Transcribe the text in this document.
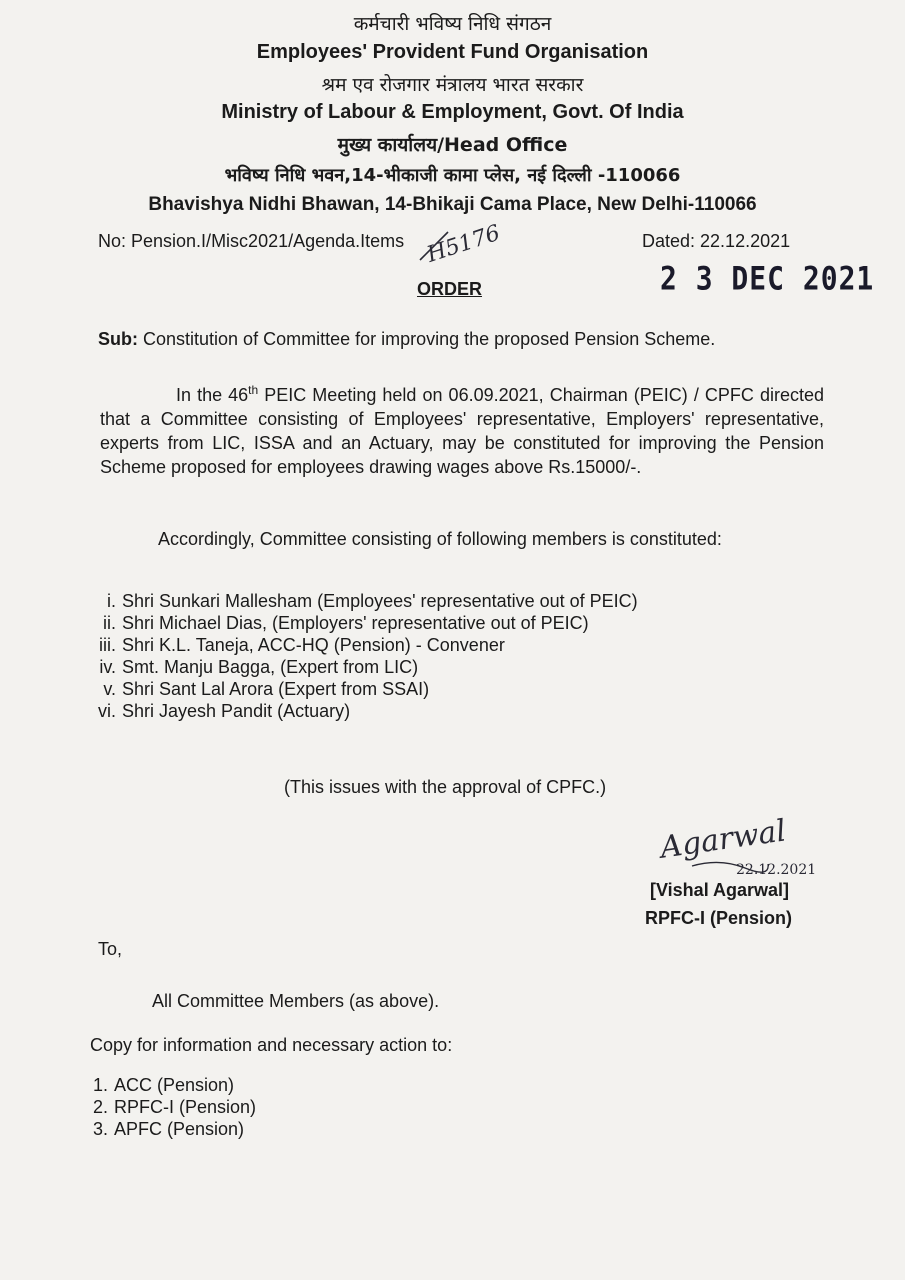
कर्मचारी भविष्य निधि संगठन
Employees' Provident Fund Organisation
श्रम एव रोजगार मंत्रालय भारत सरकार
Ministry of Labour & Employment, Govt. Of India
मुख्य कार्यालय/Head Office
भविष्य निधि भवन,14-भीकाजी कामा प्लेस, नई दिल्ली -110066
Bhavishya Nidhi Bhawan, 14-Bhikaji Cama Place, New Delhi-110066
No: Pension.I/Misc2021/Agenda.Items	Dated: 22.12.2021
H5176
2 3 DEC 2021
ORDER
Sub: Constitution of Committee for improving the proposed Pension Scheme.
In the 46th PEIC Meeting held on 06.09.2021, Chairman (PEIC) / CPFC directed that a Committee consisting of Employees' representative, Employers' representative, experts from LIC, ISSA and an Actuary, may be constituted for improving the Pension Scheme proposed for employees drawing wages above Rs.15000/-.
Accordingly, Committee consisting of following members is constituted:
i. Shri Sunkari Mallesham (Employees' representative out of PEIC)
ii. Shri Michael Dias, (Employers' representative out of PEIC)
iii. Shri K.L. Taneja, ACC-HQ (Pension) - Convener
iv. Smt. Manju Bagga, (Expert from LIC)
v. Shri Sant Lal Arora (Expert from SSAI)
vi. Shri Jayesh Pandit (Actuary)
(This issues with the approval of CPFC.)
Agarwal
22.12.2021
[Vishal Agarwal]
RPFC-I (Pension)
To,
All Committee Members (as above).
Copy for information and necessary action to:
1. ACC (Pension)
2. RPFC-I (Pension)
3. APFC (Pension)
